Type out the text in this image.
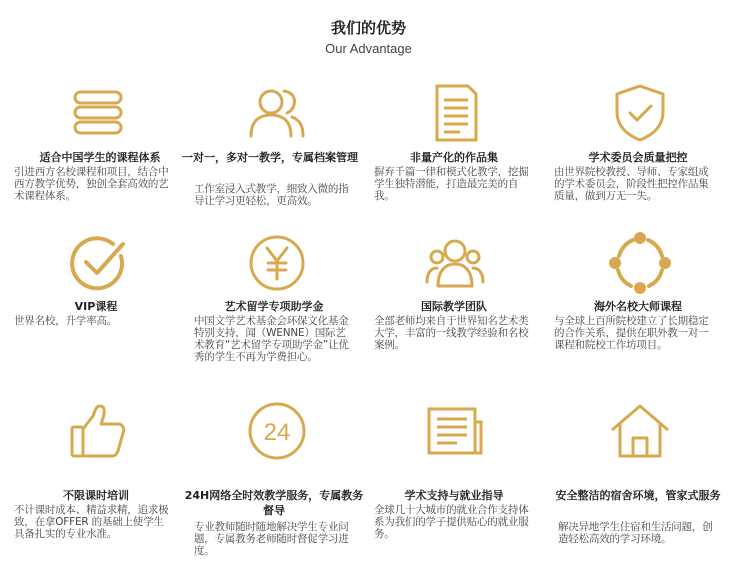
我们的优势
Our Advantage
适合中国学生的课程体系
引进西方名校课程和项目，结合中西方教学优势，独创全套高效的艺术课程体系。
一对一，多对一教学，专属档案管理
工作室浸入式教学，细致入微的指导让学习更轻松，更高效。
非量产化的作品集
摒弃千篇一律和模式化教学，挖掘学生独特潜能，打造最完美的自我。
学术委员会质量把控
由世界院校教授、导师、专家组成的学术委员会，阶段性把控作品集质量，做到万无一失。
VIP课程
世界名校，升学率高。
艺术留学专项助学金
中国文学艺术基金会环保文化基金特别支持，闻（WENNE）国际艺术教育“艺术留学专项助学金”让优秀的学生不再为学费担心。
国际教学团队
全部老师均来自于世界知名艺术类大学，丰富的一线教学经验和名校案例。
海外名校大师课程
与全球上百所院校建立了长期稳定的合作关系，提供在职外教一对一课程和院校工作坊项目。
不限课时培训
不计课时成本、精益求精，追求极致，在拿OFFER 的基础上使学生具备扎实的专业水准。
24
24H网络全时效教学服务，专属教务督导
专业教师随时随地解决学生专业问题，专属教务老师随时督促学习进度。
学术支持与就业指导
全球几十大城市的就业合作支持体系为我们的学子提供贴心的就业服务。
安全整洁的宿舍环境，管家式服务
解决异地学生住宿和生活问题，创造轻松高效的学习环境。
